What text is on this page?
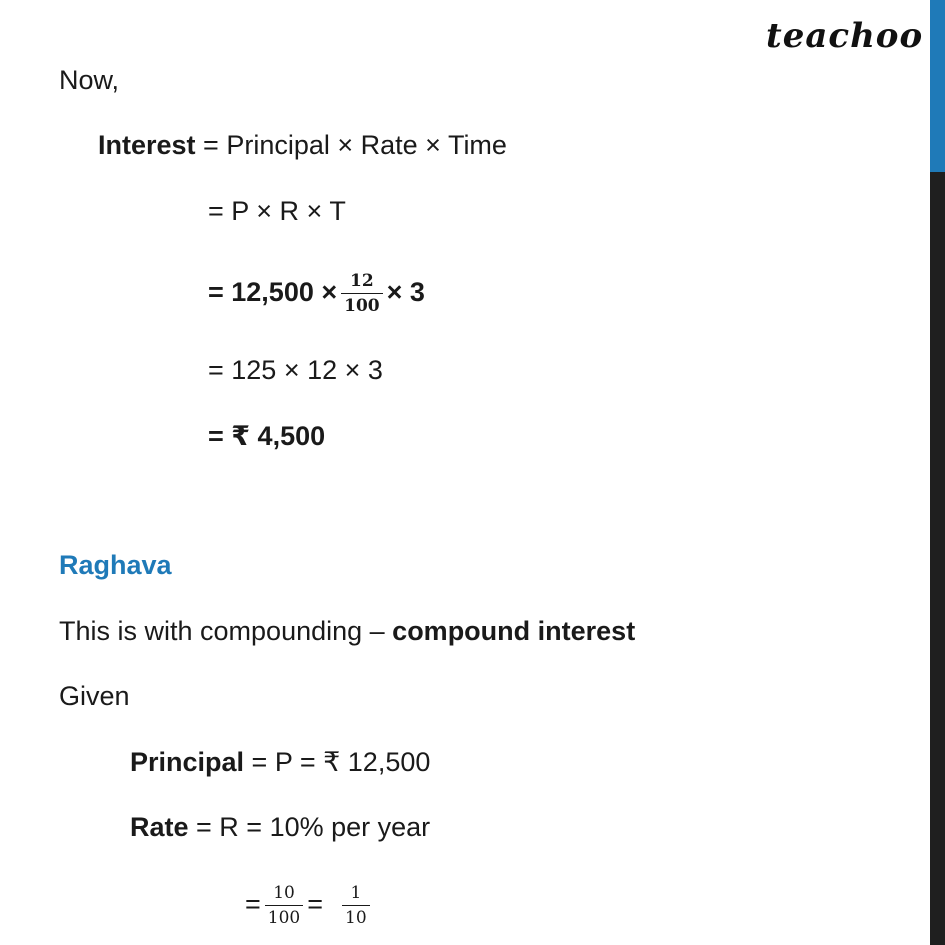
teachoo
Now,
Interest = Principal × Rate × Time
= P × R × T
= $12,500 \times \frac{12}{100} \times 3$
= 125 × 12 × 3
= ₹ 4,500
Raghava
This is with compounding – compound interest
Given
Principal = P = ₹ 12,500
Rate = R = 10% per year
= $\frac{10}{100} = \frac{1}{10}$
